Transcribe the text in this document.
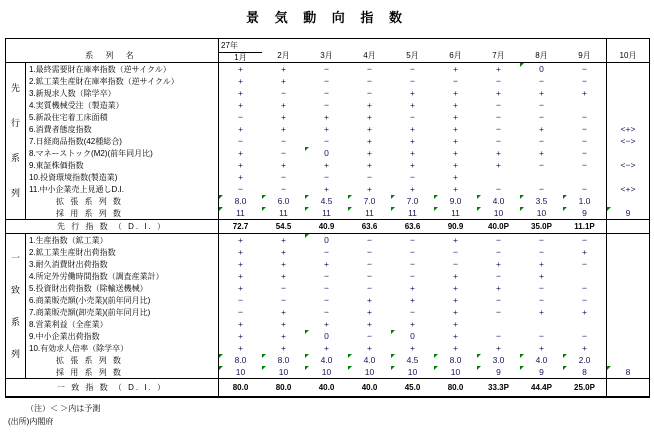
景 気 動 向 指 数
系 列 名
27年
1月	2月	3月	4月	5月	6月	7月	8月	9月	10月
先
行
系
列
1.最終需要財在庫率指数（逆サイクル）	+	+	−	−	−	+	+	0	−
2.鉱工業生産財在庫率指数（逆サイクル）	+	+	−	−	−	−	−	−	−
3.新規求人数（除学卒）	+	−	−	−	+	+	+	+	+
4.実質機械受注（製造業）	+	+	−	+	+	+	−	−
5.新設住宅着工床面積	−	+	+	+	−	+	−	−	−
6.消費者態度指数	+	+	+	+	+	+	−	+	−	<+>
7.日経商品指数(42種総合)	−	−	−	+	+	+	−	−	−	<−>
8.マネーストック(M2)(前年同月比)	+	−	0	+	+	+	+	+	−
9.東証株価指数	+	+	+	+	+	+	+	−	−	<−>
10.投資環境指数(製造業)	+	−	−	−	−	+
11.中小企業売上見通しD.I.	−	−	+	+	+	+	−	−	−	<+>
拡 張 系 列 数	8.0	6.0	4.5	7.0	7.0	9.0	4.0	3.5	1.0
採 用 系 列 数	11	11	11	11	11	11	10	10	9	9
先 行 指 数 （ D. I. ）	72.7	54.5	40.9	63.6	63.6	90.9	40.0P	35.0P	11.1P
一
致
系
列
1.生産指数（鉱工業）	+	+	0	−	−	+	−	−	−
2.鉱工業生産財出荷指数	+	+	−	−	−	−	−	−	+
3.耐久消費財出荷指数	+	+	+	−	−	−	+	+	−
4.所定外労働時間指数（調査産業計）	+	+	−	−	−	+	−	+
5.投資財出荷指数（除輸送機械）	+	−	−	−	+	+	+	−	−
6.商業販売額(小売業)(前年同月比)	−	−	−	+	+	+	−	−	−
7.商業販売額(卸売業)(前年同月比)	−	+	−	+	−	+	−	+	+
8.営業利益（全産業）	+	+	+	+	+	+
9.中小企業出荷指数	+	+	0	−	0	+	−	−	−
10.有効求人倍率（除学卒）	+	+	+	+	+	+	+	+	+
拡 張 系 列 数	8.0	8.0	4.0	4.0	4.5	8.0	3.0	4.0	2.0
採 用 系 列 数	10	10	10	10	10	10	9	9	8	8
一 致 指 数 （ D. I. ）	80.0	80.0	40.0	40.0	45.0	80.0	33.3P	44.4P	25.0P
（注）＜ ＞内は予測
(出所)内閣府
